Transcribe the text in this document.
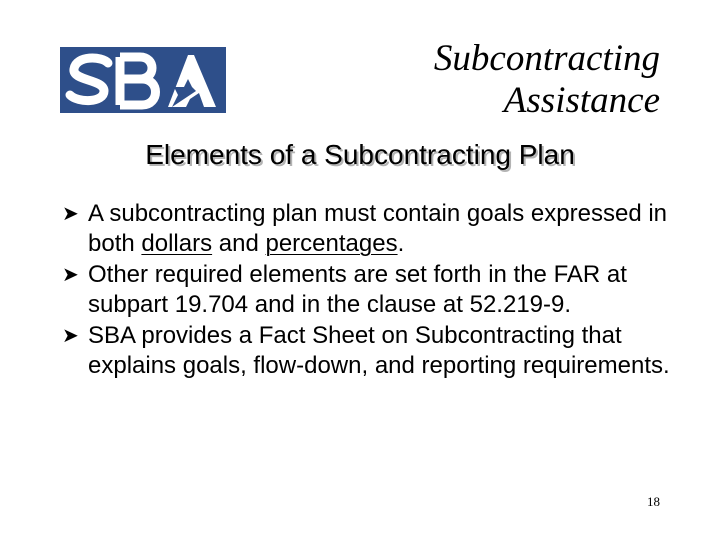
Subcontracting
Assistance
Elements of a Subcontracting Plan
➤ A subcontracting plan must contain goals expressed in both dollars and percentages.
➤ Other required elements are set forth in the FAR at subpart 19.704 and in the clause at 52.219-9.
➤ SBA provides a Fact Sheet on Subcontracting that explains goals, flow-down, and reporting requirements.
18
